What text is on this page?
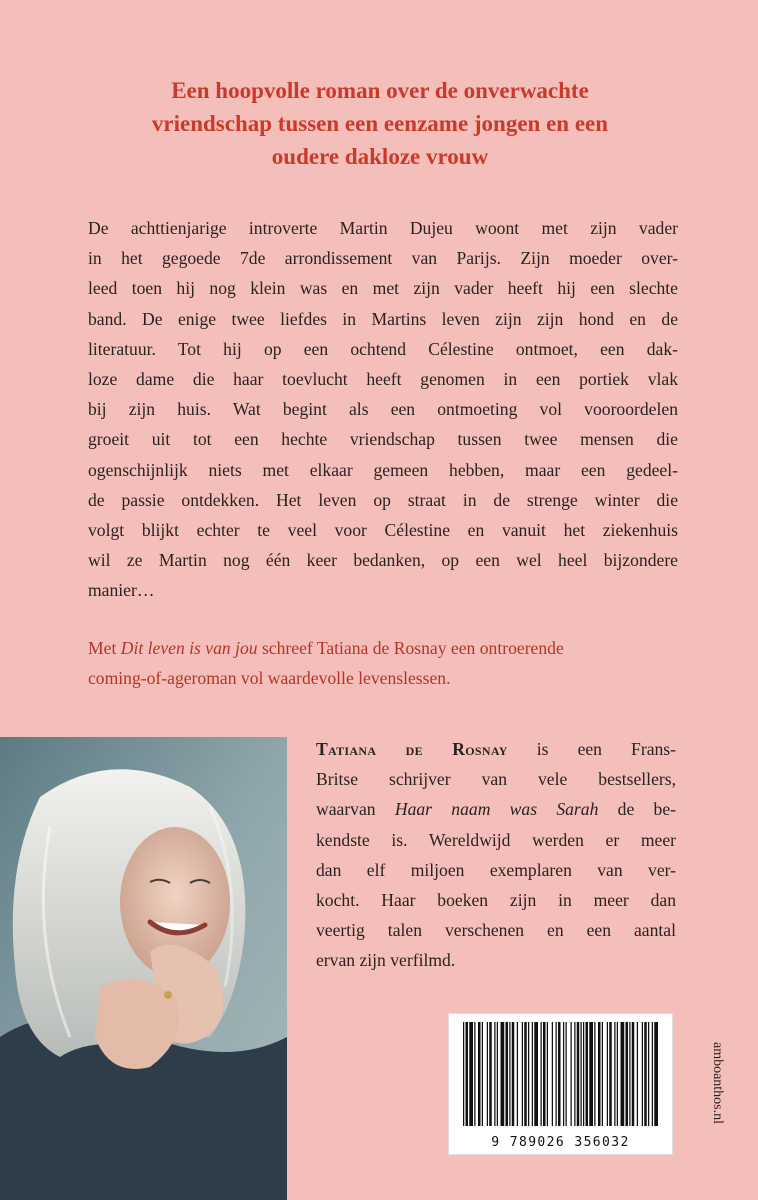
Een hoopvolle roman over de onverwachte
vriendschap tussen een eenzame jongen en een
oudere dakloze vrouw
De achttienjarige introverte Martin Dujeu woont met zijn vader
in het gegoede 7de arrondissement van Parijs. Zijn moeder over-
leed toen hij nog klein was en met zijn vader heeft hij een slechte
band. De enige twee liefdes in Martins leven zijn zijn hond en de
literatuur. Tot hij op een ochtend Célestine ontmoet, een dak-
loze dame die haar toevlucht heeft genomen in een portiek vlak
bij zijn huis. Wat begint als een ontmoeting vol vooroordelen
groeit uit tot een hechte vriendschap tussen twee mensen die
ogenschijnlijk niets met elkaar gemeen hebben, maar een gedeel-
de passie ontdekken. Het leven op straat in de strenge winter die
volgt blijkt echter te veel voor Célestine en vanuit het ziekenhuis
wil ze Martin nog één keer bedanken, op een wel heel bijzondere
manier…
Met Dit leven is van jou schreef Tatiana de Rosnay een ontroerende
coming-of-ageroman vol waardevolle levenslessen.
Tatiana de Rosnay is een Frans-
Britse schrijver van vele bestsellers,
waarvan Haar naam was Sarah de be-
kendste is. Wereldwijd werden er meer
dan elf miljoen exemplaren van ver-
kocht. Haar boeken zijn in meer dan
veertig talen verschenen en een aantal
ervan zijn verfilmd.
9 789026 356032
amboanthos.nl
